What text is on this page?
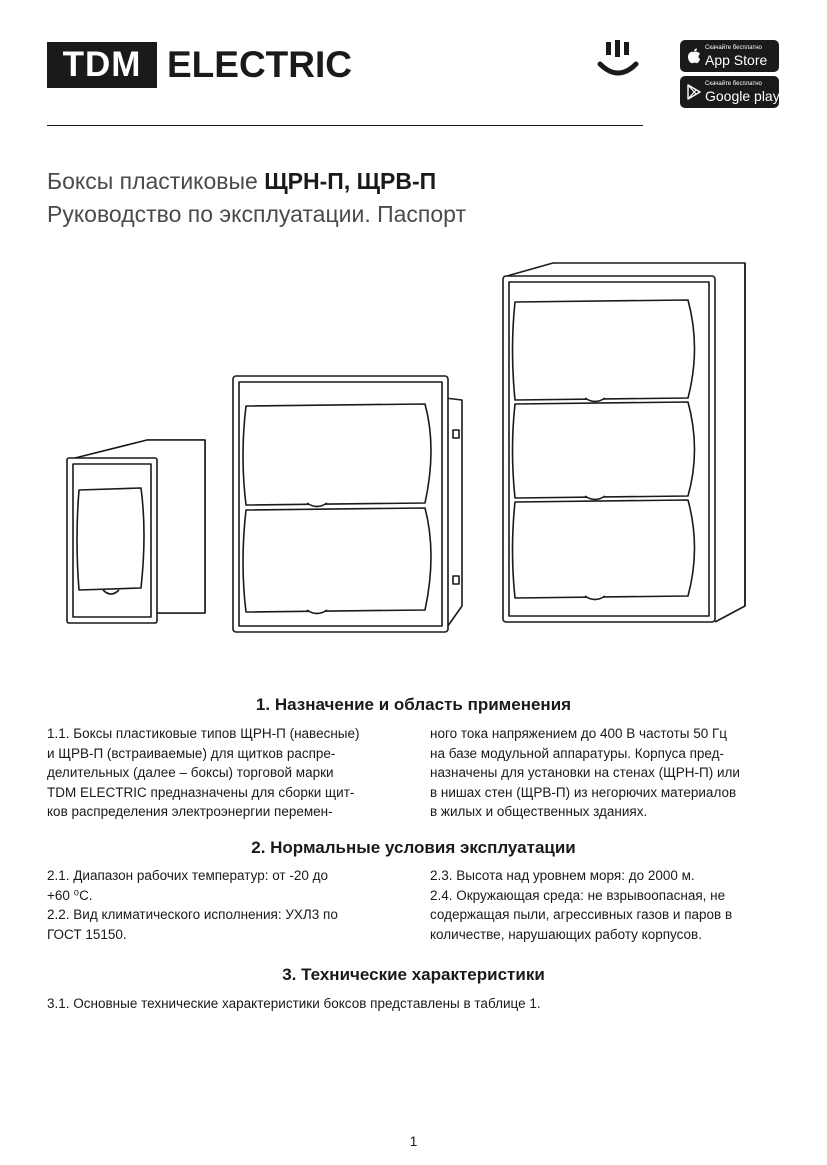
TDM ELECTRIC	Скачайте бесплатно
App Store
Скачайте бесплатно
Google play
Боксы пластиковые ЩРН-П, ЩРВ-П
Руководство по эксплуатации. Паспорт
1. Назначение и область применения

1.1. Боксы пластиковые типов ЩРН-П (навесные)

и ЩРВ-П (встраиваемые) для щитков распре-

делительных (далее – боксы) торговой марки

TDM ELECTRIC предназначены для сборки щит-

ков распределения электроэнергии перемен-

ного тока напряжением до 400 В частоты 50 Гц

на базе модульной аппаратуры. Корпуса пред-

назначены для установки на стенах (ЩРН-П) или

в нишах стен (ЩРВ-П) из негорючих материалов

в жилых и общественных зданиях.

2. Нормальные условия эксплуатации

2.1. Диапазон рабочих температур: от -20 до

+60 ⁰С.

2.2. Вид климатического исполнения: УХЛ3 по

ГОСТ 15150.

2.3. Высота над уровнем моря: до 2000 м.

2.4. Окружающая среда: не взрывоопасная, не

содержащая пыли, агрессивных газов и паров в

количестве, нарушающих работу корпусов.

3. Технические характеристики
3.1. Основные технические характеристики боксов представлены в таблице 1.
1
